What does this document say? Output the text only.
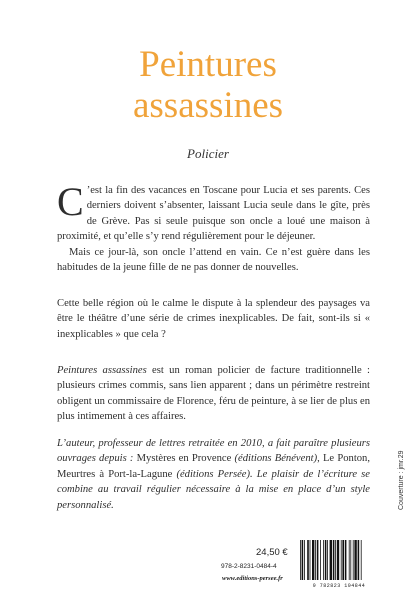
Peintures
assassines
Policier
C ’est la fin des vacances en Toscane pour Lucia et ses parents. Ces derniers doivent s’absenter, laissant Lucia seule dans le gîte, près de Grève. Pas si seule puisque son oncle a loué une maison à proximité, et qu’elle s’y rend régulièrement pour le déjeuner.

Mais ce jour-là, son oncle l’attend en vain. Ce n’est guère dans les habitudes de la jeune fille de ne pas donner de nouvelles.

Cette belle région où le calme le dispute à la splendeur des paysages va être le théâtre d’une série de crimes inexplicables. De fait, sont-ils si « inexplicables » que cela ?

Peintures assassines est un roman policier de facture traditionnelle : plusieurs crimes commis, sans lien apparent ; dans un périmètre restreint obligent un commissaire de Florence, féru de peinture, à se lier de plus en plus intimement à ces affaires.

L’auteur, professeur de lettres retraitée en 2010, a fait paraître plusieurs ouvrages depuis : Mystères en Provence (éditions Bénévent), Le Ponton, Meurtres à Port-la-Lagune (éditions Persée). Le plaisir de l’écriture se combine au travail régulier nécessaire à la mise en place d’un style personnalisé.	Couverture : jmr.29
24,50 €
978-2-8231-0484-4
www.editions-persee.fr
9 782823 104844
